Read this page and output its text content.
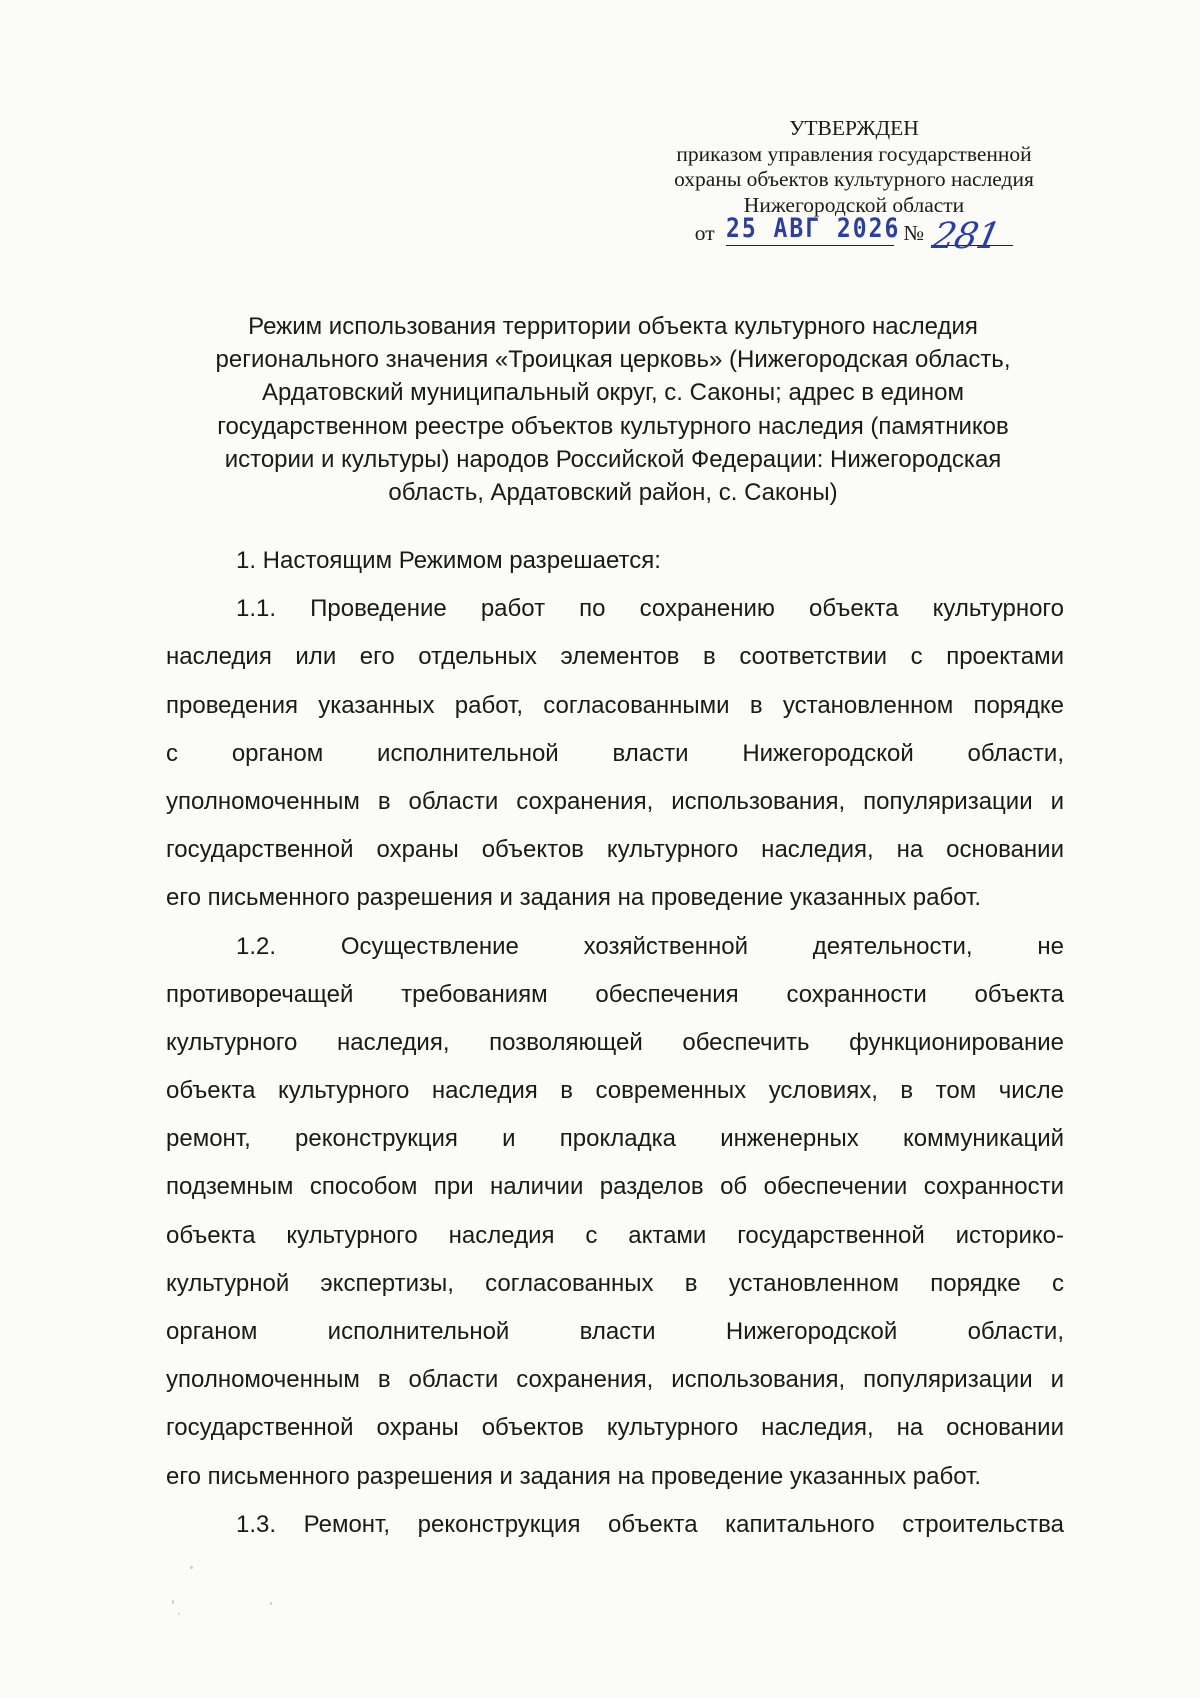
УТВЕРЖДЕН
приказом управления государственной
охраны объектов культурного наследия
Нижегородской области
от 25 АВГ 2026 № 281
Режим использования территории объекта культурного наследия
регионального значения «Троицкая церковь» (Нижегородская область,
Ардатовский муниципальный округ, с. Саконы; адрес в едином
государственном реестре объектов культурного наследия (памятников
истории и культуры) народов Российской Федерации: Нижегородская
область, Ардатовский район, с. Саконы)
1. Настоящим Режимом разрешается:
1.1. Проведение работ по сохранению объекта культурного
наследия или его отдельных элементов в соответствии с проектами
проведения указанных работ, согласованными в установленном порядке
с органом исполнительной власти Нижегородской области,
уполномоченным в области сохранения, использования, популяризации и
государственной охраны объектов культурного наследия, на основании
его письменного разрешения и задания на проведение указанных работ.
1.2. Осуществление хозяйственной деятельности, не
противоречащей требованиям обеспечения сохранности объекта
культурного наследия, позволяющей обеспечить функционирование
объекта культурного наследия в современных условиях, в том числе
ремонт, реконструкция и прокладка инженерных коммуникаций
подземным способом при наличии разделов об обеспечении сохранности
объекта культурного наследия с актами государственной историко-
культурной экспертизы, согласованных в установленном порядке с
органом исполнительной власти Нижегородской области,
уполномоченным в области сохранения, использования, популяризации и
государственной охраны объектов культурного наследия, на основании
его письменного разрешения и задания на проведение указанных работ.
1.3. Ремонт, реконструкция объекта капитального строительства
